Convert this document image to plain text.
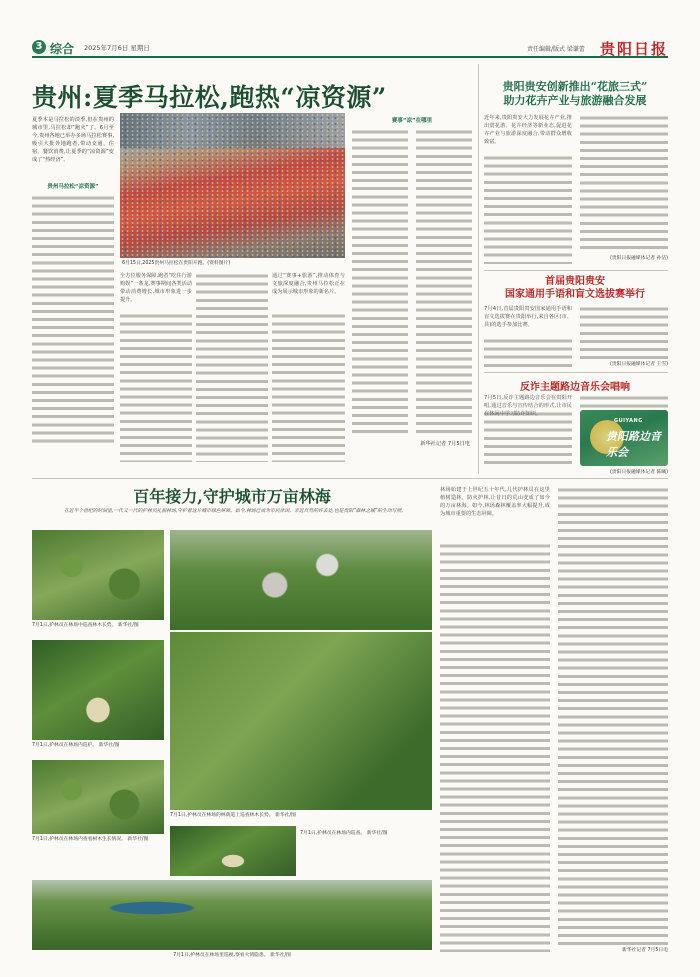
3 综合 2025年7月6日 星期日	责任编辑/版式 梁谦蕾 贵阳日报
贵州:夏季马拉松,跑热“凉资源”
夏季本是马拉松的淡季,但在贵州的城市里,马拉松却“跑火”了。6月至今,贵州各地已举办多场马拉松赛事,吸引大批外地跑者,带动交通、住宿、餐饮消费,让夏季的“凉资源”变成了“热经济”。
贵州马拉松“凉资源”
6月15日,2025贵州马拉松在贵阳开跑。(资料图片)
全方位服务保障,跑者“吃住行游购娱”一条龙,赛事期间各类活动带动消费增长,城市形象进一步提升。
通过“赛事+旅游”,推动体育与文旅深度融合,贵州马拉松正在成为展示城市形象的新名片。
赛事“凉”在哪里
新华社记者 7月5日电
贵阳贵安创新推出“花旅三式”
助力花卉产业与旅游融合发展
近年来,贵阳贵安大力发展花卉产业,推出赏花游、花卉经济等新业态,促进花卉产业与旅游深度融合,带动群众增收致富。
(贵阳日报融媒体记者 孙洁)
首届贵阳贵安
国家通用手语和盲文选拔赛举行
7月4日,首届贵阳贵安国家通用手语和盲文选拔赛在贵阳举行,来自各区(市、县)的选手参加比赛。
(贵阳日报融媒体记者 王雪)
反诈主题路边音乐会唱响
7月5日,反诈主题路边音乐会在贵阳开唱,通过音乐与宣传结合的形式,让市民在休闲中学习防诈知识。
GUIYANG
贵阳路边音乐会
(贵阳日报融媒体记者 陈曦)
百年接力,守护城市万亩林海
在近半个世纪的时间里,一代又一代的护林员扎根林场,守护着这片城市绿色屏障。如今,林场已成为市民休闲、亲近自然的好去处,也是贵阳“森林之城”的生动写照。
7月1日,护林员在林场中巡查林木长势。 新华社/图
7月1日,护林员在林场的林荫道上巡查林木长势。 新华社/图
7月1日,护林员在林场内巡护。 新华社/图
7月1日,护林员在林场内查看树木生长情况。 新华社/图
7月1日,护林员在林场内巡查。 新华社/图
7月1日,护林员在林场里巡视,察看火情隐患。 新华社/图
林场始建于上世纪五十年代,几代护林员在这里植树造林、防火护林,让昔日的荒山变成了如今的万亩林海。如今,林场森林覆盖率大幅提升,成为城市重要的生态屏障。
新华社记者 7月5日电
